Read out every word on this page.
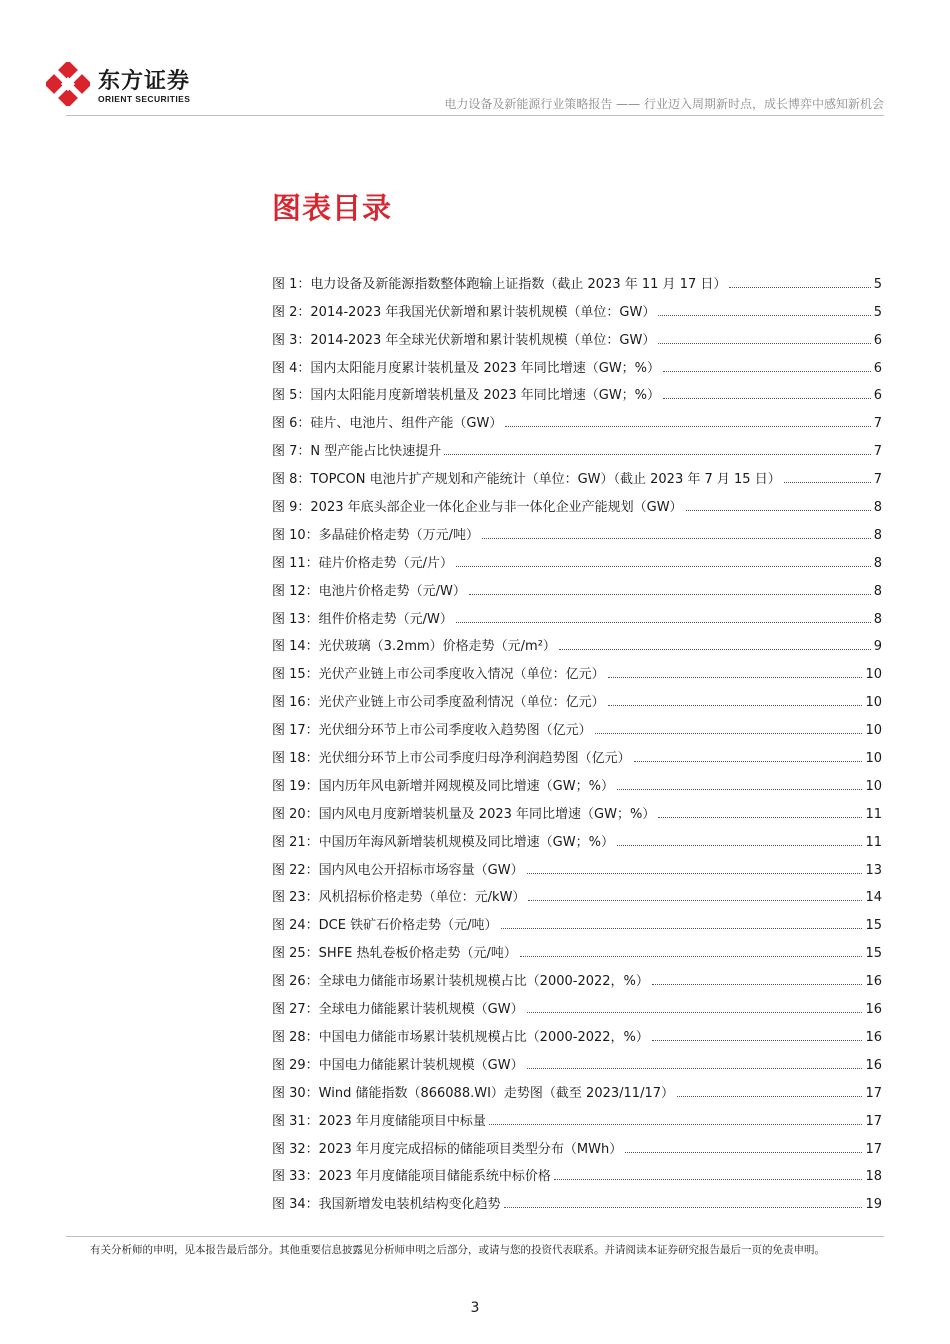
东方证券
ORIENT SECURITIES	电力设备及新能源行业策略报告 —— 行业迈入周期新时点，成长博弈中感知新机会
图表目录
图 1：电力设备及新能源指数整体跑输上证指数（截止 2023 年 11 月 17 日）	5
图 2：2014-2023 年我国光伏新增和累计装机规模（单位：GW）	5
图 3：2014-2023 年全球光伏新增和累计装机规模（单位：GW）	6
图 4：国内太阳能月度累计装机量及 2023 年同比增速（GW；%）	6
图 5：国内太阳能月度新增装机量及 2023 年同比增速（GW；%）	6
图 6：硅片、电池片、组件产能（GW）	7
图 7：N 型产能占比快速提升	7
图 8：TOPCON 电池片扩产规划和产能统计（单位：GW）（截止 2023 年 7 月 15 日）	7
图 9：2023 年底头部企业一体化企业与非一体化企业产能规划（GW）	8
图 10：多晶硅价格走势（万元/吨）	8
图 11：硅片价格走势（元/片）	8
图 12：电池片价格走势（元/W）	8
图 13：组件价格走势（元/W）	8
图 14：光伏玻璃（3.2mm）价格走势（元/m²）	9
图 15：光伏产业链上市公司季度收入情况（单位：亿元）	10
图 16：光伏产业链上市公司季度盈利情况（单位：亿元）	10
图 17：光伏细分环节上市公司季度收入趋势图（亿元）	10
图 18：光伏细分环节上市公司季度归母净利润趋势图（亿元）	10
图 19：国内历年风电新增并网规模及同比增速（GW；%）	10
图 20：国内风电月度新增装机量及 2023 年同比增速（GW；%）	11
图 21：中国历年海风新增装机规模及同比增速（GW；%）	11
图 22：国内风电公开招标市场容量（GW）	13
图 23：风机招标价格走势（单位：元/kW）	14
图 24：DCE 铁矿石价格走势（元/吨）	15
图 25：SHFE 热轧卷板价格走势（元/吨）	15
图 26：全球电力储能市场累计装机规模占比（2000-2022，%）	16
图 27：全球电力储能累计装机规模（GW）	16
图 28：中国电力储能市场累计装机规模占比（2000-2022，%）	16
图 29：中国电力储能累计装机规模（GW）	16
图 30：Wind 储能指数（866088.WI）走势图（截至 2023/11/17）	17
图 31：2023 年月度储能项目中标量	17
图 32：2023 年月度完成招标的储能项目类型分布（MWh）	17
图 33：2023 年月度储能项目储能系统中标价格	18
图 34：我国新增发电装机结构变化趋势	19
有关分析师的申明，见本报告最后部分。其他重要信息披露见分析师申明之后部分，或请与您的投资代表联系。并请阅读本证券研究报告最后一页的免责申明。
3
